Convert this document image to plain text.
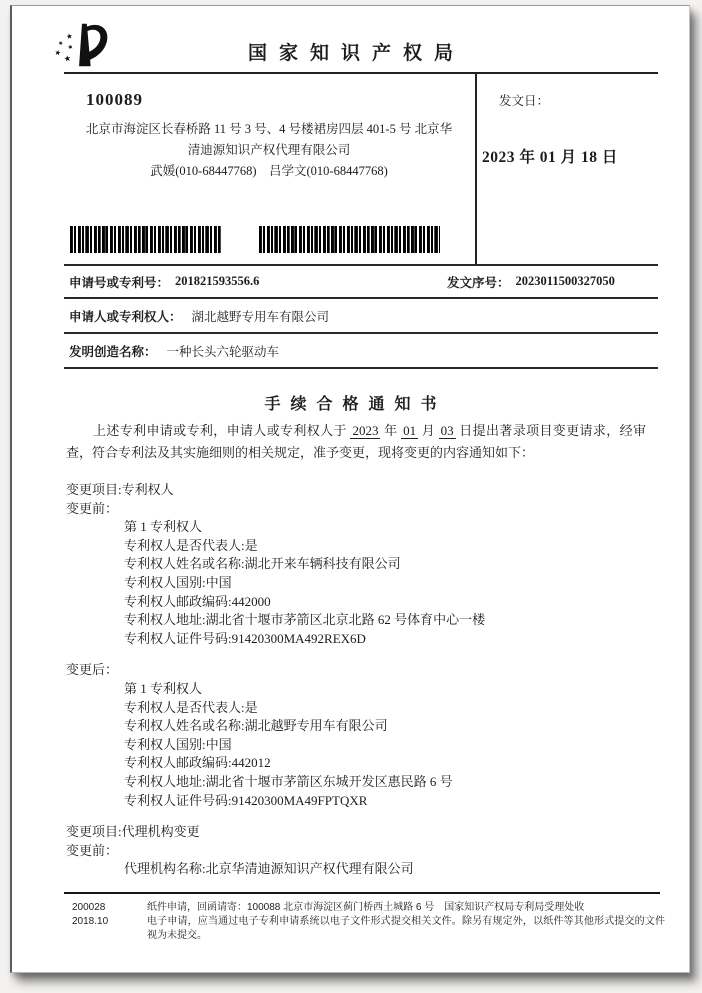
国家知识产权局
100089
北京市海淀区长春桥路 11 号 3 号、4 号楼裙房四层 401-5 号 北京华
清迪源知识产权代理有限公司
武媛(010-68447768)　吕学文(010-68447768)
发文日：
2023 年 01 月 18 日
申请号或专利号： 201821593556.6	发文序号： 2023011500327050
申请人或专利权人： 湖北越野专用车有限公司
发明创造名称： 一种长头六轮驱动车
手续合格通知书
上述专利申请或专利，申请人或专利权人于 2023 年 01 月 03 日提出著录项目变更请求，经审查，符合专利法及其实施细则的相关规定，准予变更，现将变更的内容通知如下：
变更项目:专利权人
变更前：
第 1 专利权人
专利权人是否代表人:是
专利权人姓名或名称:湖北开来车辆科技有限公司
专利权人国别:中国
专利权人邮政编码:442000
专利权人地址:湖北省十堰市茅箭区北京北路 62 号体育中心一楼
专利权人证件号码:91420300MA492REX6D
变更后：
第 1 专利权人
专利权人是否代表人:是
专利权人姓名或名称:湖北越野专用车有限公司
专利权人国别:中国
专利权人邮政编码:442012
专利权人地址:湖北省十堰市茅箭区东城开发区惠民路 6 号
专利权人证件号码:91420300MA49FPTQXR
变更项目:代理机构变更
变更前：
代理机构名称:北京华清迪源知识产权代理有限公司
200028
2018.10
纸件申请，回函请寄：100088 北京市海淀区蓟门桥西土城路 6 号　国家知识产权局专利局受理处收
电子申请，应当通过电子专利申请系统以电子文件形式提交相关文件。除另有规定外，以纸件等其他形式提交的文件视为未提交。
